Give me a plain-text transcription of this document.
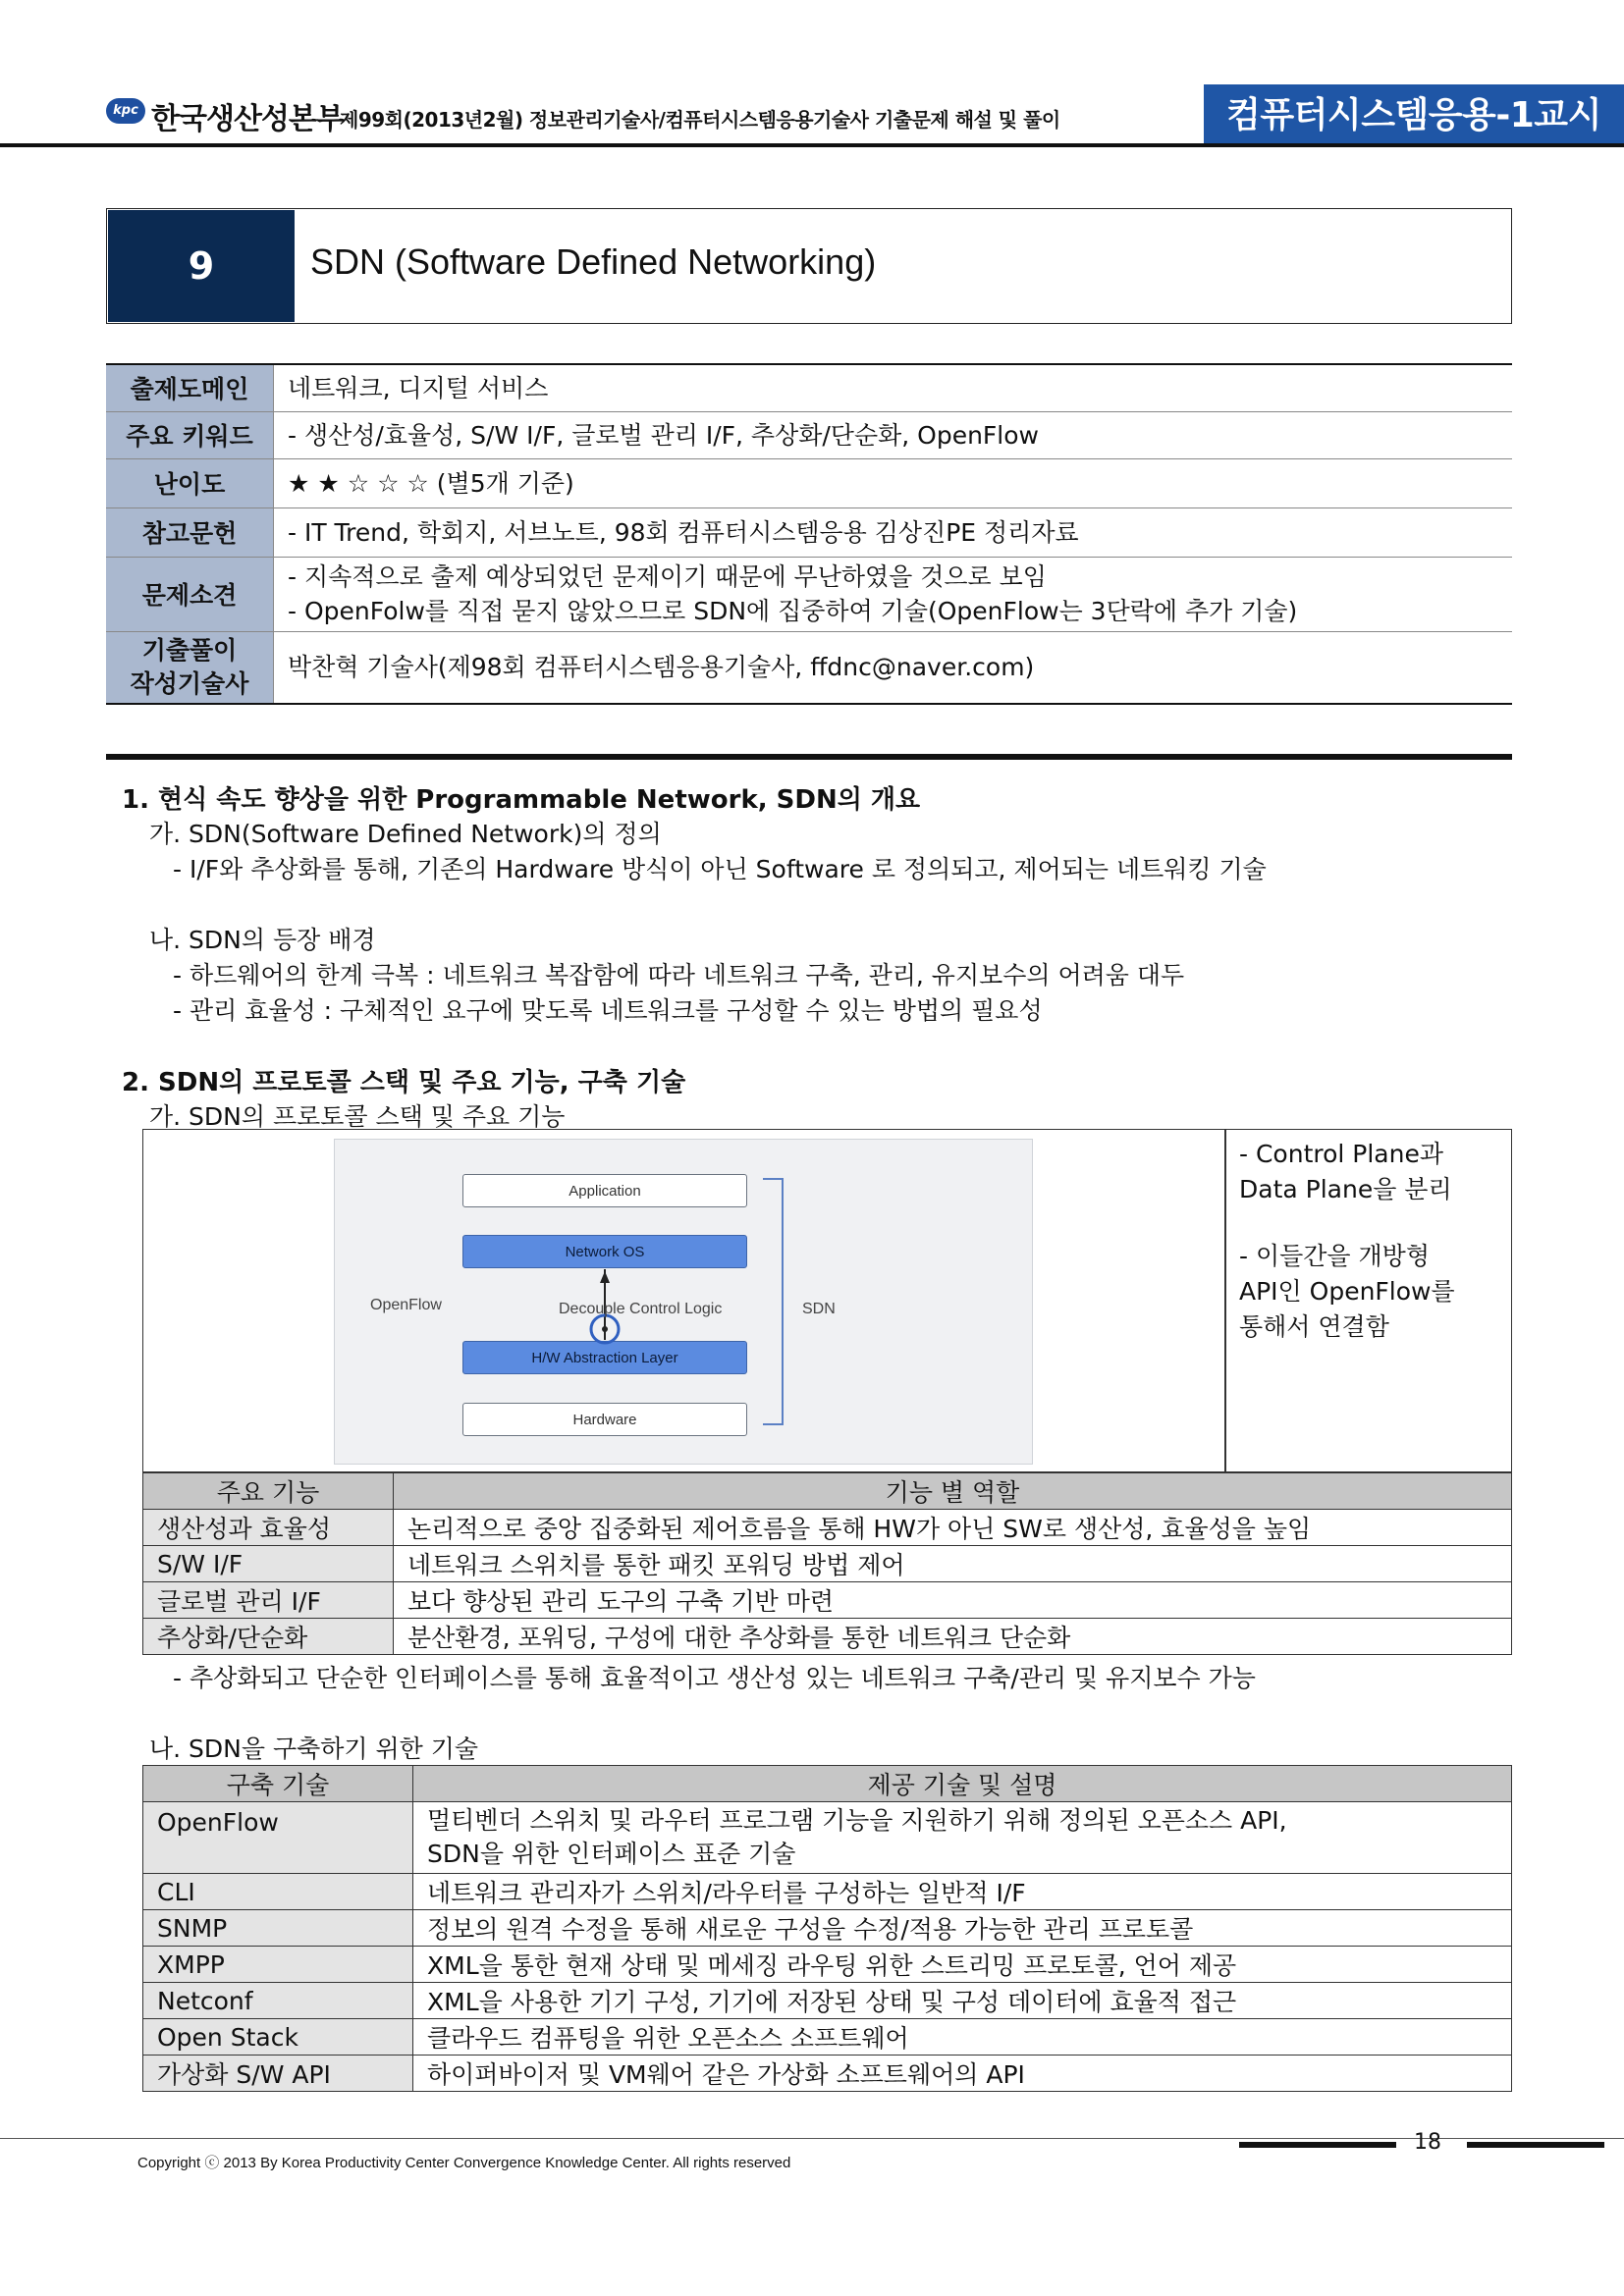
kpc 한국생산성본부
제99회(2013년2월) 정보관리기술사/컴퓨터시스템응용기술사 기출문제 해설 및 풀이	컴퓨터시스템응용-1교시
9	SDN (Software Defined Networking)
출제도메인	네트워크, 디지털 서비스

주요 키워드	- 생산성/효율성, S/W I/F, 글로벌 관리 I/F, 추상화/단순화, OpenFlow

난이도	★ ★ ☆ ☆ ☆ (별5개 기준)

참고문헌	- IT Trend, 학회지, 서브노트, 98회 컴퓨터시스템응용 김상진PE 정리자료

문제소견	- 지속적으로 출제 예상되었던 문제이기 때문에 무난하였을 것으로 보임
- OpenFolw를 직접 묻지 않았으므로 SDN에 집중하여 기술(OpenFlow는 3단락에 추가 기술)

기출풀이
작성기술사	박찬혁 기술사(제98회 컴퓨터시스템응용기술사, ffdnc@naver.com)
1. 현식 속도 향상을 위한 Programmable Network, SDN의 개요
가. SDN(Software Defined Network)의 정의
- I/F와 추상화를 통해, 기존의 Hardware 방식이 아닌 Software 로 정의되고, 제어되는 네트워킹 기술
나. SDN의 등장 배경
- 하드웨어의 한계 극복 : 네트워크 복잡함에 따라 네트워크 구축, 관리, 유지보수의 어려움 대두
- 관리 효율성 : 구체적인 요구에 맞도록 네트워크를 구성할 수 있는 방법의 필요성
2. SDN의 프로토콜 스택 및 주요 기능, 구축 기술
가. SDN의 프로토콜 스택 및 주요 기능
Application
Network OS
H/W Abstraction Layer
Hardware
OpenFlow	Decouple Control Logic	SDN
- Control Plane과
Data Plane을 분리
- 이들간을 개방형
API인 OpenFlow를
통해서 연결함
주요 기능	기능 별 역할
생산성과 효율성	논리적으로 중앙 집중화된 제어흐름을 통해 HW가 아닌 SW로 생산성, 효율성을 높임
S/W I/F	네트워크 스위치를 통한 패킷 포워딩 방법 제어
글로벌 관리 I/F	보다 향상된 관리 도구의 구축 기반 마련
추상화/단순화	분산환경, 포워딩, 구성에 대한 추상화를 통한 네트워크 단순화
- 추상화되고 단순한 인터페이스를 통해 효율적이고 생산성 있는 네트워크 구축/관리 및 유지보수 가능
나. SDN을 구축하기 위한 기술
구축 기술	제공 기술 및 설명
OpenFlow	멀티벤더 스위치 및 라우터 프로그램 기능을 지원하기 위해 정의된 오픈소스 API,
SDN을 위한 인터페이스 표준 기술
CLI	네트워크 관리자가 스위치/라우터를 구성하는 일반적 I/F
SNMP	정보의 원격 수정을 통해 새로운 구성을 수정/적용 가능한 관리 프로토콜
XMPP	XML을 통한 현재 상태 및 메세징 라우팅 위한 스트리밍 프로토콜, 언어 제공
Netconf	XML을 사용한 기기 구성, 기기에 저장된 상태 및 구성 데이터에 효율적 접근
Open Stack	클라우드 컴퓨팅을 위한 오픈소스 소프트웨어
가상화 S/W API	하이퍼바이저 및 VM웨어 같은 가상화 소프트웨어의 API
18
Copyright ⓒ 2013 By Korea Productivity Center Convergence Knowledge Center. All rights reserved
